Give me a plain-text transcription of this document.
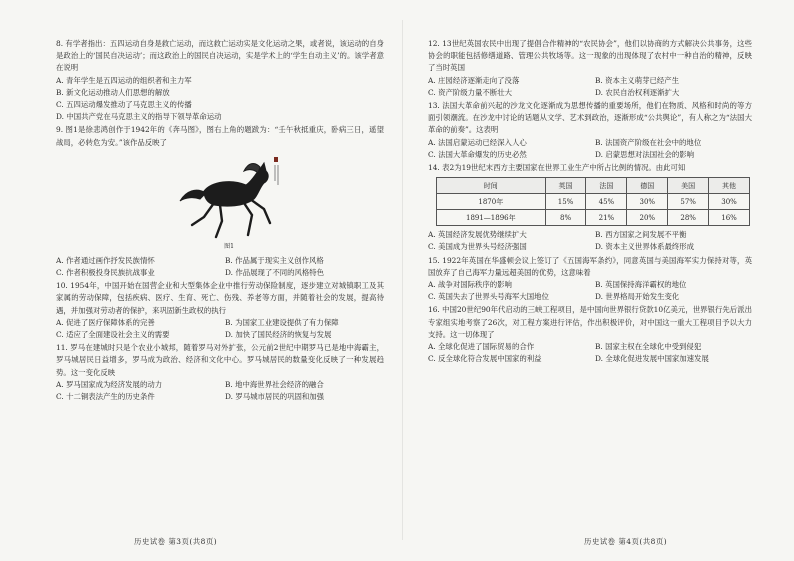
8. 有学者指出：五四运动自身是救亡运动，而这救亡运动实是文化运动之果，或者说，该运动的自身是政治上的‘国民自决运动’；而这政治上的国民自决运动，实是学术上的‘学生自动主义’的。该学者意在说明

A. 青年学生是五四运动的组织者和主力军

B. 新文化运动推动人们思想的解放

C. 五四运动爆发推动了马克思主义的传播

D. 中国共产党在马克思主义的指导下领导革命运动

9. 图1是徐悲鸿创作于1942年的《奔马图》，图右上角的题跋为：“壬午秋抵重庆，卧病三日，遥望战局，必转危为安。”该作品反映了

图1

A. 作者通过画作抒发民族情怀	B. 作品属于现实主义创作风格

C. 作者积极投身民族抗战事业	D. 作品展现了不同的风格特色

10. 1954年，中国开始在国营企业和大型集体企业中推行劳动保险制度，逐步建立对城镇职工及其家属的劳动保障，包括疾病、医疗、生育、死亡、伤残、养老等方面，并随着社会的发展，提高待遇，并加强对劳动者的保护，来巩固新生政权的执行

A. 促进了医疗保障体系的完善	B. 为国家工业建设提供了有力保障

C. 适应了全面建设社会主义的需要	D. 加快了国民经济的恢复与发展

11. 罗马在建城时只是个农业小城邦，随着罗马对外扩张，公元前2世纪中期罗马已是地中海霸主，罗马城居民日益增多，罗马成为政治、经济和文化中心。罗马城居民的数量变化反映了一种发展趋势。这一变化反映

A. 罗马国家成为经济发展的动力	B. 地中海世界社会经济的融合

C. 十二铜表法产生的历史条件	D. 罗马城市居民的巩固和加强

历史试卷 第3页(共8页)

12. 13世纪英国农民中出现了提倡合作精神的“农民协会”，他们以协商的方式解决公共事务，这些协会的职能包括修缮道路、管理公共牧场等。这一现象的出现体现了农村中一种自治的精神，反映了当时英国

A. 庄园经济逐渐走向了没落	B. 资本主义萌芽已经产生

C. 资产阶级力量不断壮大	D. 农民自治权利逐渐扩大

13. 法国大革命前兴起的沙龙文化逐渐成为思想传播的重要场所，他们在物质、风格和时尚的等方面引领潮流。在沙龙中讨论的话题从文学、艺术到政治，逐渐形成“公共舆论”，有人称之为“法国大革命的前奏”。这表明

A. 法国启蒙运动已经深入人心	B. 法国资产阶级在社会中的地位

C. 法国大革命爆发的历史必然	D. 启蒙思想对法国社会的影响

14. 表2为19世纪末西方主要国家在世界工业生产中所占比例的情况。由此可知

时间	英国	法国	德国	美国	其他
1870年	15%	45%	30%	57%	30%
1891—1896年	8%	21%	20%	28%	16%

A. 英国经济发展优势继续扩大	B. 西方国家之间发展不平衡

C. 美国成为世界头号经济强国	D. 资本主义世界体系最终形成

15. 1922年英国在华盛顿会议上签订了《五国海军条约》，同意英国与美国海军实力保持对等，英国放弃了自己海军力量远超美国的优势，这意味着

A. 战争对国际秩序的影响	B. 英国保持海洋霸权的地位

C. 英国失去了世界头号海军大国地位	D. 世界格局开始发生变化

16. 中国20世纪90年代启动的三峡工程项目，是中国向世界银行贷款10亿美元，世界银行先后派出专家组实地考察了26次，对工程方案进行评估，作出积极评价，对中国这一重大工程项目予以大力支持。这一切体现了

A. 全球化促进了国际贸易的合作	B. 国家主权在全球化中受到侵犯

C. 反全球化符合发展中国家的利益	D. 全球化促进发展中国家加速发展

历史试卷 第4页(共8页)
